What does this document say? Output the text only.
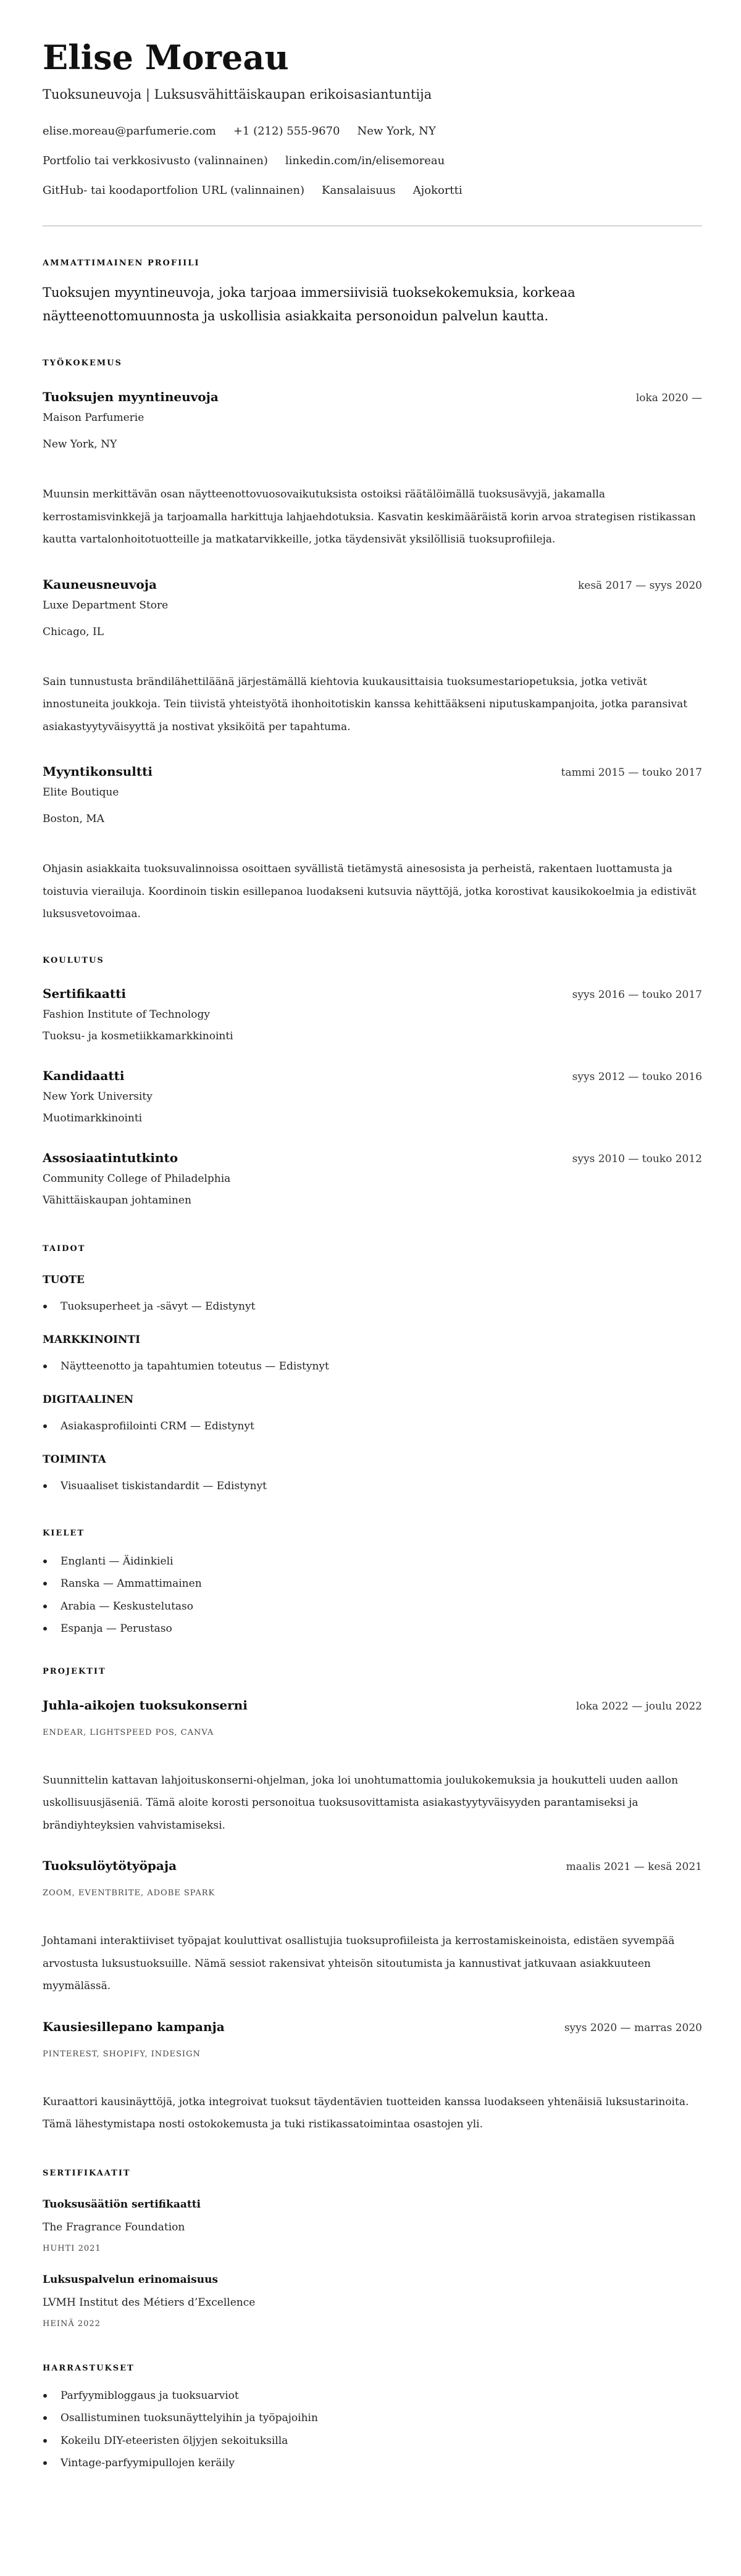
Elise Moreau
Tuoksuneuvoja | Luksusvähittäiskaupan erikoisasiantuntija
elise.moreau@parfumerie.com +1 (212) 555-9670 New York, NY
Portfolio tai verkkosivusto (valinnainen) linkedin.com/in/elisemoreau
GitHub- tai koodaportfolion URL (valinnainen) Kansalaisuus Ajokortti
AMMATTIMAINEN PROFIILI

Tuoksujen myyntineuvoja, joka tarjoaa immersiivisiä tuoksekokemuksia, korkeaa näytteenottomuunnosta ja uskollisia asiakkaita personoidun palvelun kautta.

TYÖKOKEMUS
Tuoksujen myyntineuvoja	loka 2020 —
Maison Parfumerie
New York, NY

Muunsin merkittävän osan näytteenottovuosovaikutuksista ostoiksi räätälöimällä tuoksusävyjä, jakamalla kerrostamisvinkkejä ja tarjoamalla harkittuja lahjaehdotuksia. Kasvatin keskimääräistä korin arvoa strategisen ristikassan kautta vartalonhoitotuotteille ja matkatarvikkeille, jotka täydensivät yksilöllisiä tuoksuprofiileja.

Kauneusneuvoja	kesä 2017 — syys 2020
Luxe Department Store
Chicago, IL

Sain tunnustusta brändilähettiläänä järjestämällä kiehtovia kuukausittaisia tuoksumestariopetuksia, jotka vetivät innostuneita joukkoja. Tein tiivistä yhteistyötä ihonhoitotiskin kanssa kehittääkseni niputuskampanjoita, jotka paransivat asiakastyytyväisyyttä ja nostivat yksiköitä per tapahtuma.

Myyntikonsultti	tammi 2015 — touko 2017
Elite Boutique
Boston, MA

Ohjasin asiakkaita tuoksuvalinnoissa osoittaen syvällistä tietämystä ainesosista ja perheistä, rakentaen luottamusta ja toistuvia vierailuja. Koordinoin tiskin esillepanoa luodakseni kutsuvia näyttöjä, jotka korostivat kausikokoelmia ja edistivät luksusvetovoimaa.

KOULUTUS
Sertifikaatti	syys 2016 — touko 2017
Fashion Institute of Technology
Tuoksu- ja kosmetiikkamarkkinointi
Kandidaatti	syys 2012 — touko 2016
New York University
Muotimarkkinointi
Assosiaatintutkinto	syys 2010 — touko 2012
Community College of Philadelphia
Vähittäiskaupan johtaminen
TAIDOT
TUOTE
Tuoksuperheet ja -sävyt — Edistynyt
MARKKINOINTI
Näytteenotto ja tapahtumien toteutus — Edistynyt
DIGITAALINEN
Asiakasprofiilointi CRM — Edistynyt
TOIMINTA
Visuaaliset tiskistandardit — Edistynyt
KIELET
Englanti — Äidinkieli
Ranska — Ammattimainen
Arabia — Keskustelutaso
Espanja — Perustaso
PROJEKTIT
Juhla-aikojen tuoksukonserni	loka 2022 — joulu 2022
ENDEAR, LIGHTSPEED POS, CANVA

Suunnittelin kattavan lahjoituskonserni-ohjelman, joka loi unohtumattomia joulukokemuksia ja houkutteli uuden aallon uskollisuusjäseniä. Tämä aloite korosti personoitua tuoksusovittamista asiakastyytyväisyyden parantamiseksi ja brändiyhteyksien vahvistamiseksi.

Tuoksulöytötyöpaja	maalis 2021 — kesä 2021
ZOOM, EVENTBRITE, ADOBE SPARK

Johtamani interaktiiviset työpajat kouluttivat osallistujia tuoksuprofiileista ja kerrostamiskeinoista, edistäen syvempää arvostusta luksustuoksuille. Nämä sessiot rakensivat yhteisön sitoutumista ja kannustivat jatkuvaan asiakkuuteen myymälässä.

Kausiesillepano kampanja	syys 2020 — marras 2020
PINTEREST, SHOPIFY, INDESIGN

Kuraattori kausinäyttöjä, jotka integroivat tuoksut täydentävien tuotteiden kanssa luodakseen yhtenäisiä luksustarinoita. Tämä lähestymistapa nosti ostokokemusta ja tuki ristikassatoimintaa osastojen yli.

SERTIFIKAATIT
Tuoksusäätiön sertifikaatti
The Fragrance Foundation
HUHTI 2021
Luksuspalvelun erinomaisuus
LVMH Institut des Métiers d’Excellence
HEINÄ 2022
HARRASTUKSET
Parfyymibloggaus ja tuoksuarviot
Osallistuminen tuoksunäyttelyihin ja työpajoihin
Kokeilu DIY-eteeristen öljyjen sekoituksilla
Vintage-parfyymipullojen keräily
